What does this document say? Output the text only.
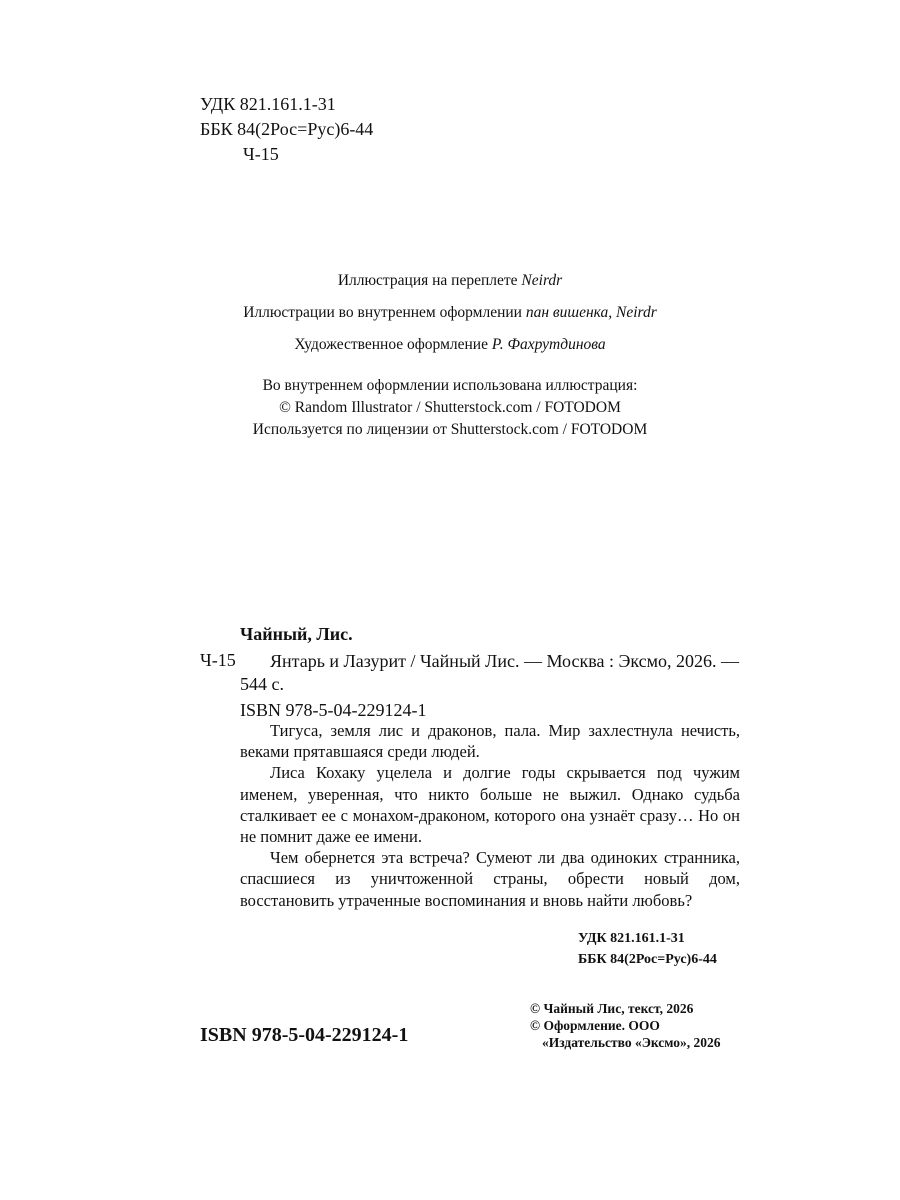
УДК 821.161.1-31
ББК 84(2Рос=Рус)6-44
Ч-15
Иллюстрация на переплете Neirdr
Иллюстрации во внутреннем оформлении пан вишенка, Neirdr
Художественное оформление Р. Фахрутдинова
Во внутреннем оформлении использована иллюстрация:
© Random Illustrator / Shutterstock.com / FOTODOM
Используется по лицензии от Shutterstock.com / FOTODOM
Чайный, Лис.
Ч-15	Янтарь и Лазурит / Чайный Лис. — Москва : Эксмо, 2026. — 544 с.
ISBN 978-5-04-229124-1

Тигуса, земля лис и драконов, пала. Мир захлестнула нечисть, веками прятавшаяся среди людей.

Лиса Кохаку уцелела и долгие годы скрывается под чужим именем, уверенная, что никто больше не выжил. Однако судьба сталкивает ее с монахом-драконом, которого она узнаёт сразу… Но он не помнит даже ее имени.

Чем обернется эта встреча? Сумеют ли два одиноких странника, спасшиеся из уничтоженной страны, обрести новый дом, восстановить утраченные воспоминания и вновь найти любовь?

УДК 821.161.1-31
ББК 84(2Рос=Рус)6-44
© Чайный Лис, текст, 2026
© Оформление. ООО
«Издательство «Эксмо», 2026
ISBN 978-5-04-229124-1
